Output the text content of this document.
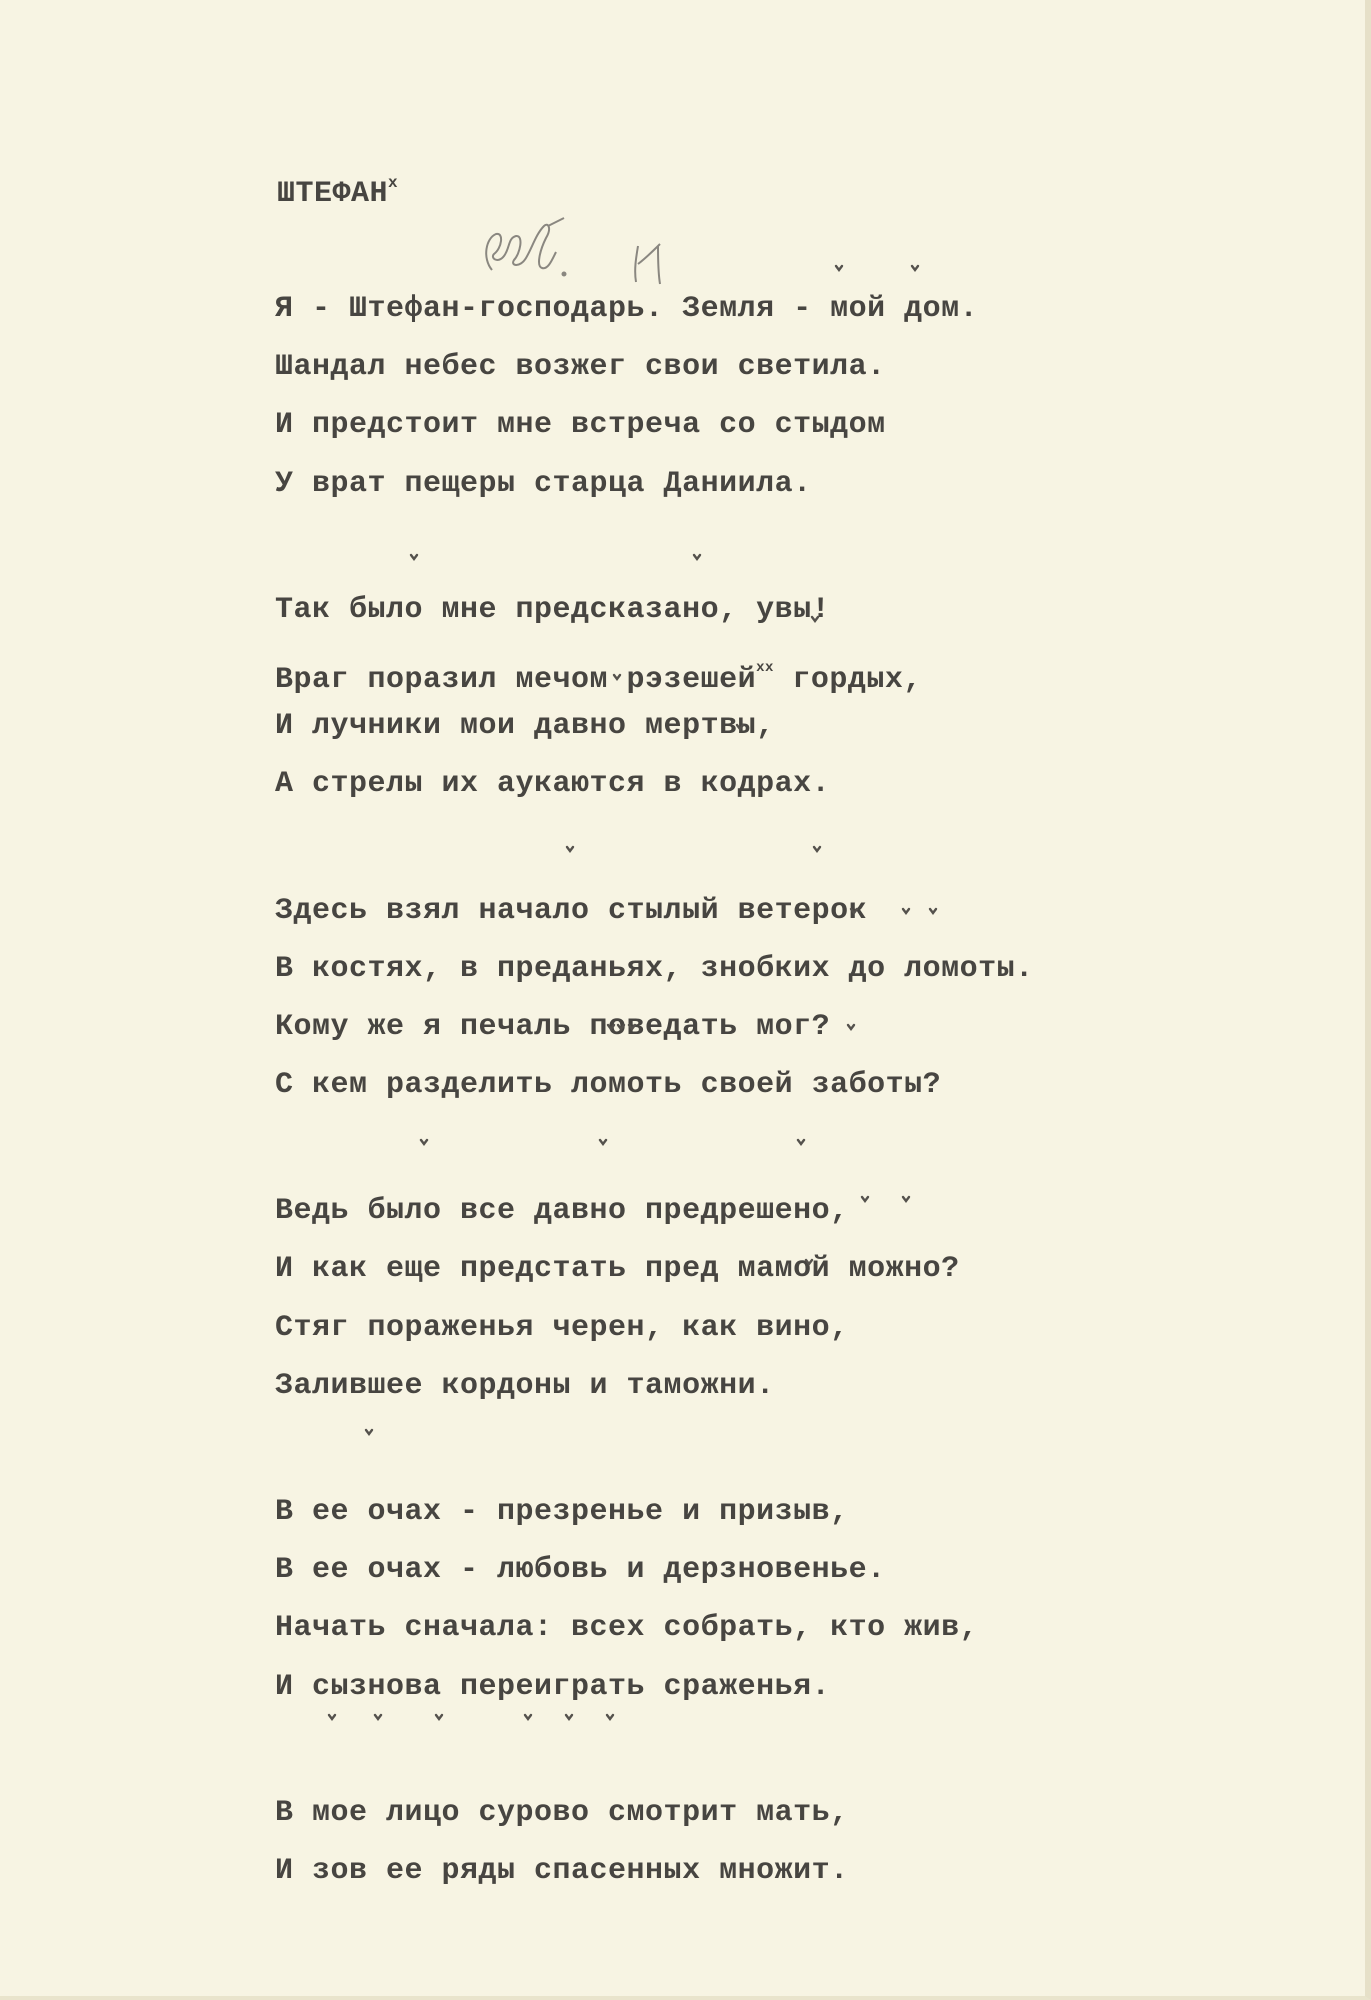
ШТЕФАН$^x$
Я - Штефан-господарь. Земля - мой дом.
Шандал небес возжег свои светила.
И предстоит мне встреча со стыдом
У врат пещеры старца Даниила.
Так было мне предсказано, увы!
Враг поразил мечом рэзешей$^{xx}$ гордых,
И лучники мои давно мертвы,
А стрелы их аукаются в кодрах.
Здесь взял начало стылый ветерок
В костях, в преданьях, знобких до ломоты.
Кому же я печаль поведать мог?
С кем разделить ломоть своей заботы?
Ведь было все давно предрешено,
И как еще предстать пред мамой можно?
Стяг пораженья черен, как вино,
Залившее кордоны и таможни.
В ее очах - презренье и призыв,
В ее очах - любовь и дерзновенье.
Начать сначала: всех собрать, кто жив,
И сызнова переиграть сраженья.
В мое лицо сурово смотрит мать,
И зов ее ряды спасенных множит.
